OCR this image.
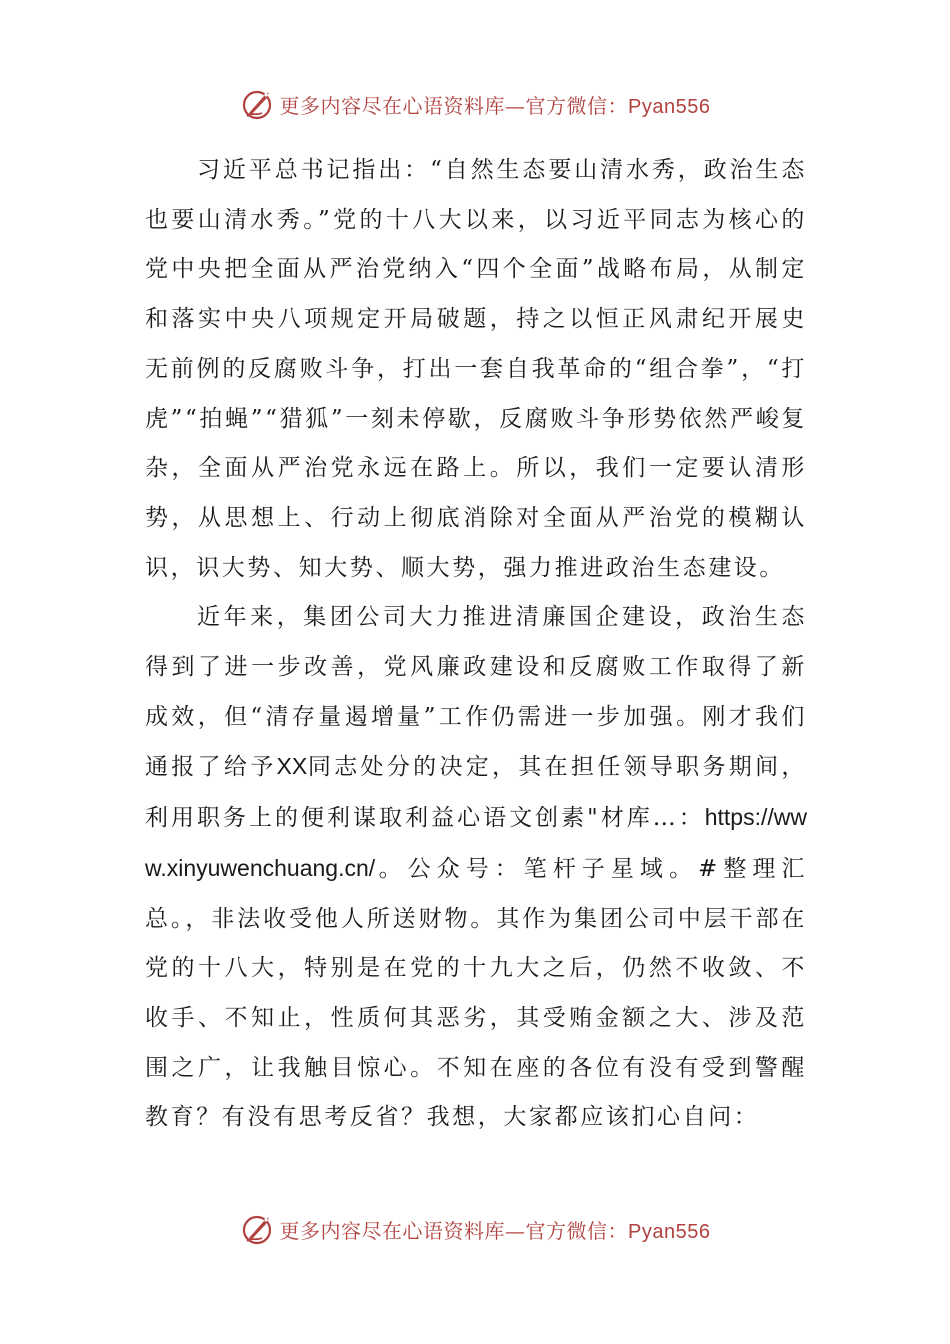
更多内容尽在心语资料库—官方微信：Pyan556

习近平总书记指出：“自然生态要山清水秀，政治生态也要山清水秀。”党的十八大以来，以习近平同志为核心的党中央把全面从严治党纳入“四个全面”战略布局，从制定和落实中央八项规定开局破题，持之以恒正风肃纪开展史无前例的反腐败斗争，打出一套自我革命的“组合拳”，“打虎”“拍蝇”“猎狐”一刻未停歇，反腐败斗争形势依然严峻复杂，全面从严治党永远在路上。所以，我们一定要认清形势，从思想上、行动上彻底消除对全面从严治党的模糊认识，识大势、知大势、顺大势，强力推进政治生态建设。

近年来，集团公司大力推进清廉国企建设，政治生态得到了进一步改善，党风廉政建设和反腐败工作取得了新成效，但“清存量遏增量”工作仍需进一步加强。刚才我们通报了给予XX同志处分的决定，其在担任领导职务期间，利用职务上的便利谋取利益心语文创素"材库…：https://www.xinyuwenchuang.cn/。公众号：笔杆子星域。#整理汇总。，非法收受他人所送财物。其作为集团公司中层干部在党的十八大，特别是在党的十九大之后，仍然不收敛、不收手、不知止，性质何其恶劣，其受贿金额之大、涉及范围之广，让我触目惊心。不知在座的各位有没有受到警醒教育？有没有思考反省？我想，大家都应该扪心自问：

更多内容尽在心语资料库—官方微信：Pyan556
